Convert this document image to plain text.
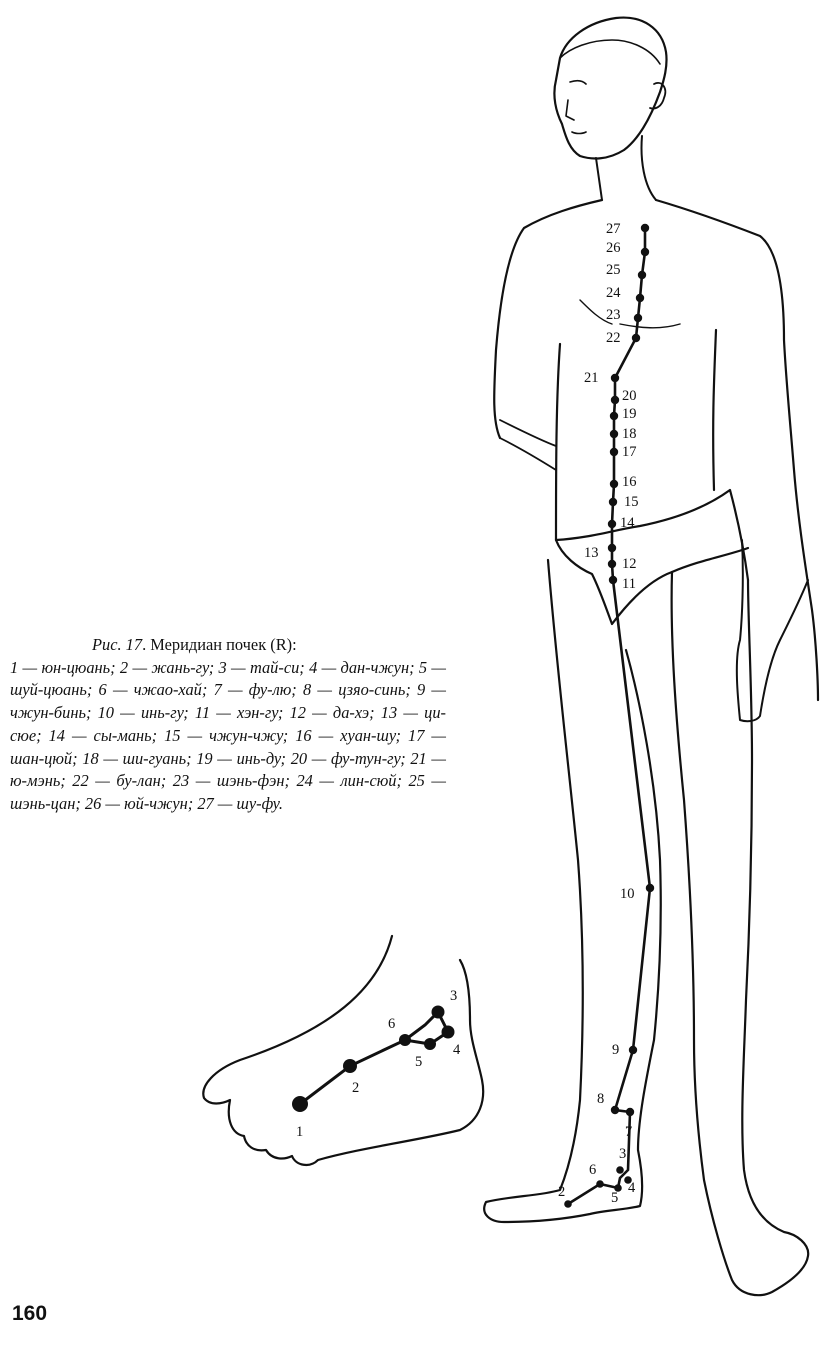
27
26
25
24
23
22
21
20
19
18
17
16
15
14
13
12
11
10
9
8
7
6
5
4
3
2
1
2
3
4
5
6
Рис. 17. Меридиан почек (R):
1 — юн-цюань; 2 — жань-гу; 3 — тай-си; 4 — дан-чжун; 5 — шуй-цюань; 6 — чжао-хай; 7 — фу-лю; 8 — цзяо-синь; 9 — чжун-бинь; 10 — инь-гу; 11 — хэн-гу; 12 — да-хэ; 13 — ци-сюе; 14 — сы-мань; 15 — чжун-чжу; 16 — хуан-шу; 17 — шан-цюй; 18 — ши-гуань; 19 — инь-ду; 20 — фу-тун-гу; 21 — ю-мэнь; 22 — бу-лан; 23 — шэнь-фэн; 24 — лин-сюй; 25 — шэнь-цан; 26 — юй-чжун; 27 — шу-фу.
160
